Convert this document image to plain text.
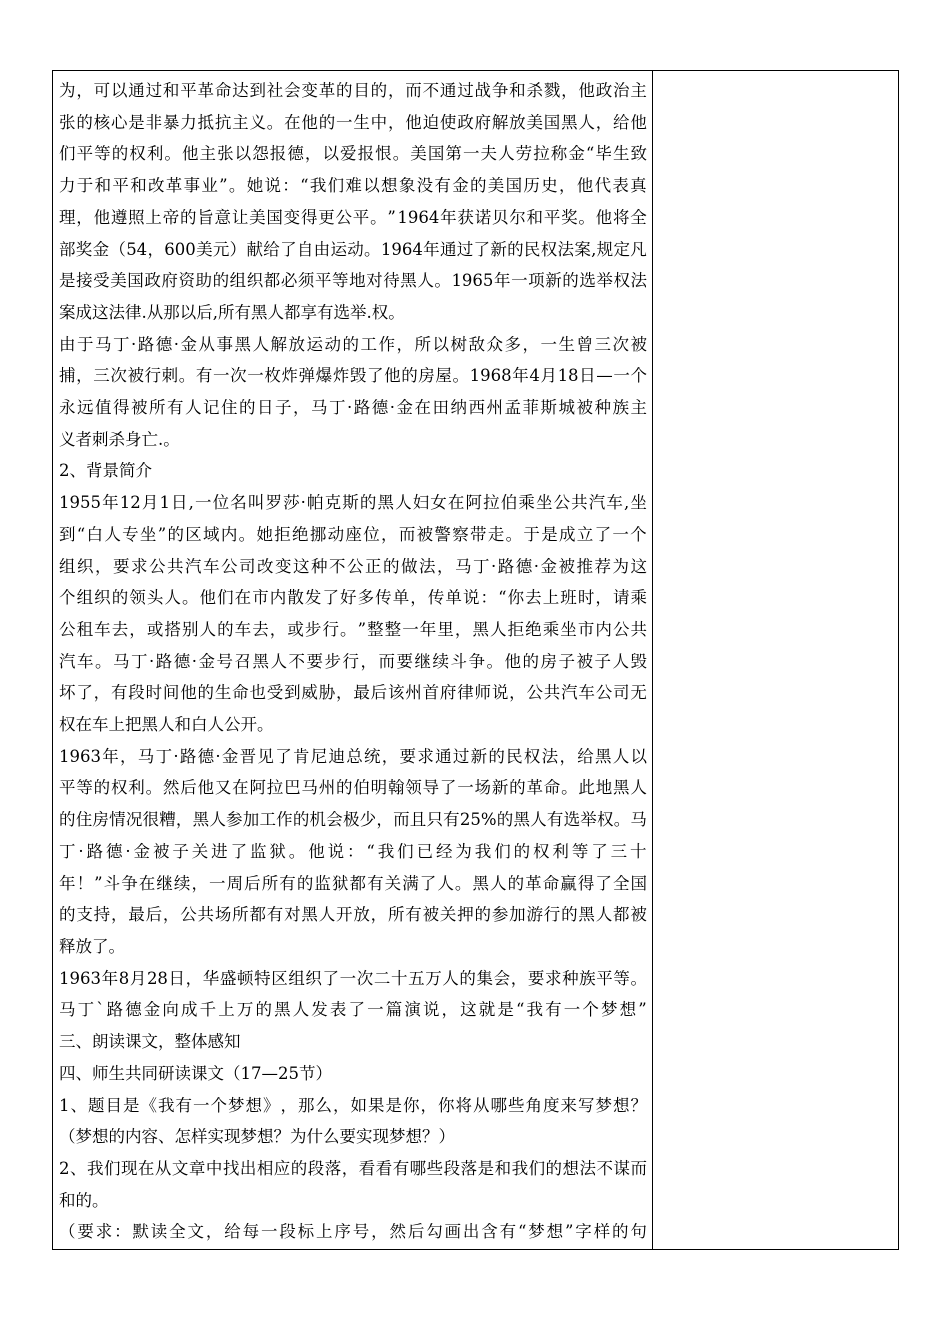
为 ， 可 以 通 过 和 平 革 命 达 到 社 会 变 革 的 目 的 ， 而 不 通 过 战 争 和 杀 戮 ， 他 政 治 主
张 的 核 心 是 非 暴 力 抵 抗 主 义 。 在 他 的 一 生 中 ， 他 迫 使 政 府 解 放 美 国 黑 人 ， 给 他
们 平 等 的 权 利 。 他 主 张 以 怨 报 德 ， 以 爱 报 恨 。 美 国 第 一 夫 人 劳 拉 称 金 “ 毕 生 致
力 于 和 平 和 改 革 事 业 ” 。 她 说 ： “ 我 们 难 以 想 象 没 有 金 的 美 国 历 史 ， 他 代 表 真
理 ， 他 遵 照 上 帝 的 旨 意 让 美 国 变 得 更 公 平 。 ” 1964 年 获 诺 贝 尔 和 平 奖 。 他 将 全
部 奖 金 （ 54 ， 600 美 元 ） 献 给 了 自 由 运 动 。 1964 年 通 过 了 新 的 民 权 法 案 , 规 定 凡
是 接 受 美 国 政 府 资 助 的 组 织 都 必 须 平 等 地 对 待 黑 人 。 1965 年 一 项 新 的 选 举 权 法
案成这法律.从那以后,所有黑人都享有选举.权。
由 于 马 丁 · 路 德 · 金 从 事 黑 人 解 放 运 动 的 工 作 ， 所 以 树 敌 众 多 ， 一 生 曾 三 次 被
捕 ， 三 次 被 行 刺 。 有 一 次 一 枚 炸 弹 爆 炸 毁 了 他 的 房 屋 。 1968 年 4 月 18 日 — 一 个
永 远 值 得 被 所 有 人 记 住 的 日 子 ， 马 丁 · 路 德 · 金 在 田 纳 西 州 孟 菲 斯 城 被 种 族 主
义者刺杀身亡.。
2、背景简介
1955 年 12 月 1 日 , 一 位 名 叫 罗 莎 · 帕 克 斯 的 黑 人 妇 女 在 阿 拉 伯 乘 坐 公 共 汽 车 , 坐
到 “ 白 人 专 坐 ” 的 区 域 内 。 她 拒 绝 挪 动 座 位 ， 而 被 警 察 带 走 。 于 是 成 立 了 一 个
组 织 ， 要 求 公 共 汽 车 公 司 改 变 这 种 不 公 正 的 做 法 ， 马 丁 · 路 德 · 金 被 推 荐 为 这
个 组 织 的 领 头 人 。 他 们 在 市 内 散 发 了 好 多 传 单 ， 传 单 说 ： “ 你 去 上 班 时 ， 请 乘
公 租 车 去 ， 或 搭 别 人 的 车 去 ， 或 步 行 。 ” 整 整 一 年 里 ， 黑 人 拒 绝 乘 坐 市 内 公 共
汽 车 。 马 丁 · 路 德 · 金 号 召 黑 人 不 要 步 行 ， 而 要 继 续 斗 争 。 他 的 房 子 被 子 人 毁
坏 了 ， 有 段 时 间 他 的 生 命 也 受 到 威 胁 ， 最 后 该 州 首 府 律 师 说 ， 公 共 汽 车 公 司 无
权在车上把黑人和白人公开。
1963 年 ， 马 丁 · 路 德 · 金 晋 见 了 肯 尼 迪 总 统 ， 要 求 通 过 新 的 民 权 法 ， 给 黑 人 以
平 等 的 权 利 。 然 后 他 又 在 阿 拉 巴 马 州 的 伯 明 翰 领 导 了 一 场 新 的 革 命 。 此 地 黑 人
的 住 房 情 况 很 糟 ， 黑 人 参 加 工 作 的 机 会 极 少 ， 而 且 只 有 25% 的 黑 人 有 选 举 权 。 马
丁 · 路 德 · 金 被 子 关 进 了 监 狱 。 他 说 ： “ 我 们 已 经 为 我 们 的 权 利 等 了 三 十
年 ！ ” 斗 争 在 继 续 ， 一 周 后 所 有 的 监 狱 都 有 关 满 了 人 。 黑 人 的 革 命 赢 得 了 全 国
的 支 持 ， 最 后 ， 公 共 场 所 都 有 对 黑 人 开 放 ， 所 有 被 关 押 的 参 加 游 行 的 黑 人 都 被
释放了。
1963 年 8 月 28 日 ， 华 盛 顿 特 区 组 织 了 一 次 二 十 五 万 人 的 集 会 ， 要 求 种 族 平 等 。
马 丁 ` 路 德 金 向 成 千 上 万 的 黑 人 发 表 了 一 篇 演 说 ， 这 就 是 “ 我 有 一 个 梦 想 ”
三、朗读课文，整体感知
四、师生共同研读课文（17—25节）
1 、 题 目 是 《 我 有 一 个 梦 想 》 ， 那 么 ， 如 果 是 你 ， 你 将 从 哪 些 角 度 来 写 梦 想 ？
（梦想的内容、怎样实现梦想？为什么要实现梦想？）
2 、 我 们 现 在 从 文 章 中 找 出 相 应 的 段 落 ， 看 看 有 哪 些 段 落 是 和 我 们 的 想 法 不 谋 而
和的。
（ 要 求 ： 默 读 全 文 ， 给 每 一 段 标 上 序 号 ， 然 后 勾 画 出 含 有 “ 梦 想 ” 字 样 的 句
